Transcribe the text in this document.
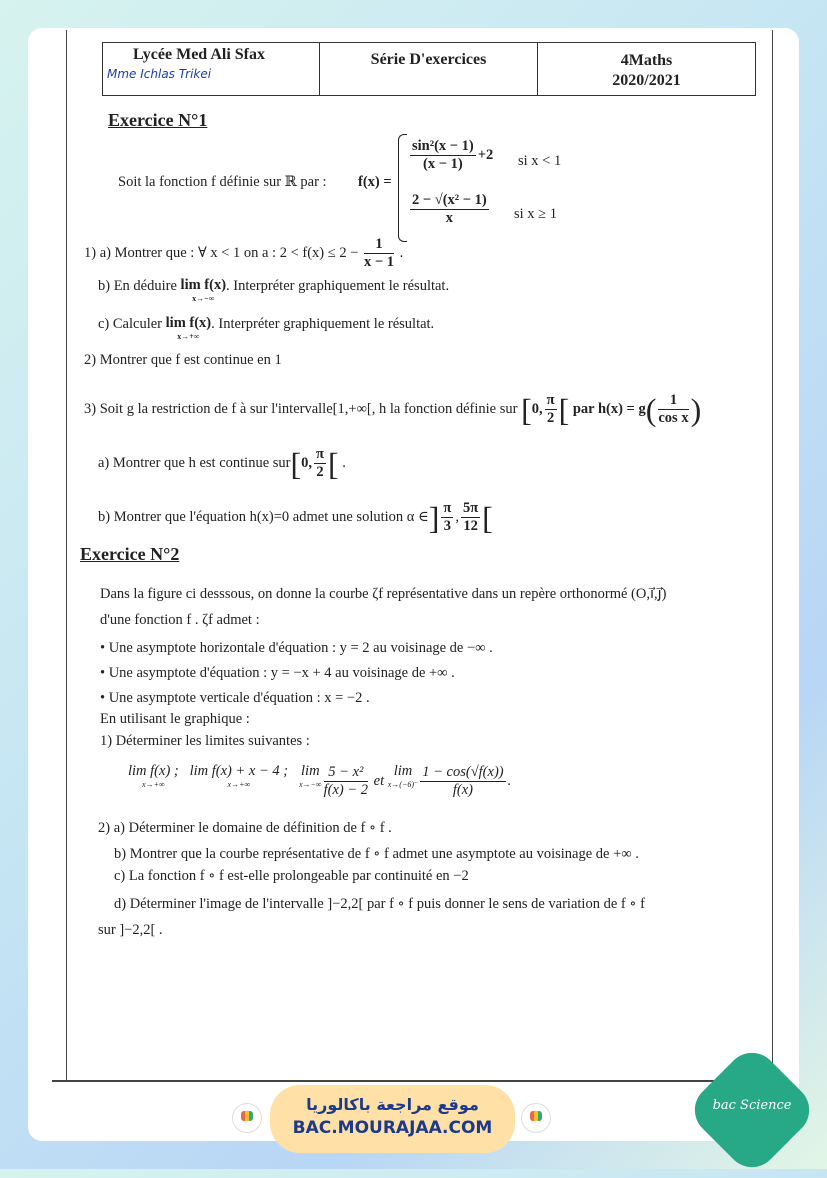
Lycée Med Ali Sfax
Mme Ichlas Trikei
Série D'exercices	4Maths
2020/2021
Exercice N°1
Soit la fonction f définie sur ℝ par : f(x) =
$\frac{\text{sin²(x − 1)}}{(x - 1)} +2$ si x < 1
$\frac{\text{2 − √(x² − 1)}}{x}$ si x ≥ 1
1) a) Montrer que : ∀ x < 1 on a : $2 < f(x) \le 2 - \frac{1}{x - 1}$ .
b) En déduire lim f(x)
x→−∞
. Interpréter graphiquement le résultat.
c) Calculer lim f(x)
x→+∞
. Interpréter graphiquement le résultat.
2) Montrer que f est continue en 1
3) Soit g la restriction de f à sur l'intervalle[1,+∞[, h la fonction définie sur [0, $\frac{\pi}{2}$ [ par $h(x) = g( \frac{1}{\text{cos x}}$ )
a) Montrer que h est continue sur[0, $\frac{\pi}{2}$ [ .
b) Montrer que l'équation h(x)=0 admet une solution α ∈] $\frac{\pi}{3}$ , $\frac{5\pi}{12}$ [
Exercice N°2
Dans la figure ci desssous, on donne la courbe ζf représentative dans un repère orthonormé (O,i⃗,j⃗)
d'une fonction f . ζf admet :
• Une asymptote horizontale d'équation : y = 2 au voisinage de −∞ .
• Une asymptote d'équation : y = −x + 4 au voisinage de +∞ .
• Une asymptote verticale d'équation : x = −2 .
En utilisant le graphique :
1) Déterminer les limites suivantes :
lim f(x) ;
x→+∞
lim f(x) + x − 4 ;
x→+∞
lim
$x\to-\infty \frac{\text{5 − x²}}{f(x) - 2}$ et lim
$x\to(-6)^- \frac{1 - \cos(√f(x))}{f(x)}$ .
2) a) Déterminer le domaine de définition de f ∘ f .
b) Montrer que la courbe représentative de f ∘ f admet une asymptote au voisinage de +∞ .
c) La fonction f ∘ f est-elle prolongeable par continuité en −2
d) Déterminer l'image de l'intervalle ]−2,2[ par f ∘ f puis donner le sens de variation de f ∘ f
sur ]−2,2[ .
موقع مراجعة باكالوريا
BAC.MOURAJAA.COM
bac Science
